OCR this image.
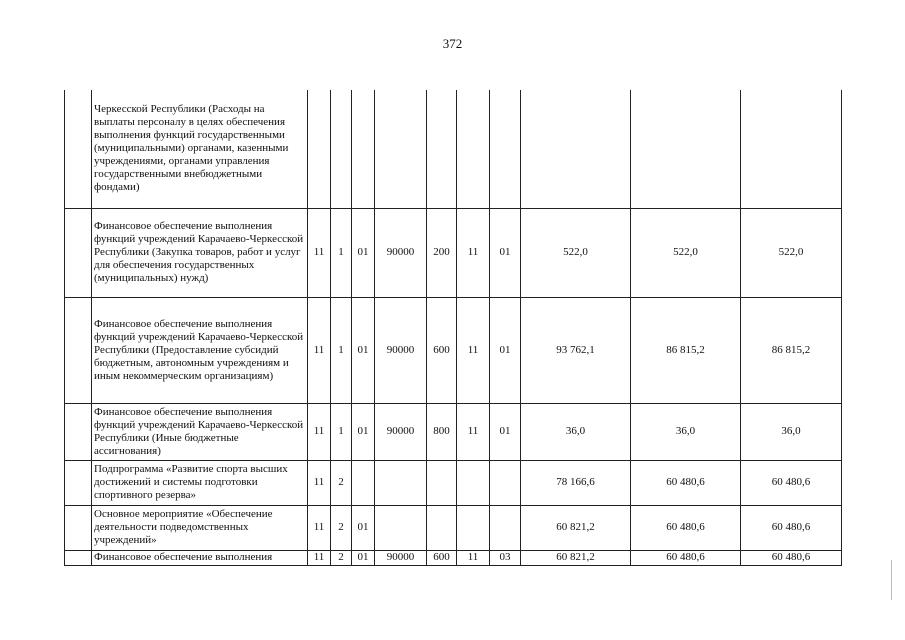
372
	Черкесской Республики (Расходы на выплаты персоналу в целях обеспечения выполнения функций государственными (муниципальными) органами, казенными учреждениями, органами управления государственными внебюджетными фондами)										
	Финансовое обеспечение выполнения функций учреждений Карачаево-Черкесской Республики (Закупка товаров, работ и услуг для обеспечения государственных (муниципальных) нужд)	11	1	01	90000	200	11	01	522,0	522,0	522,0
	Финансовое обеспечение выполнения функций учреждений Карачаево-Черкесской Республики (Предоставление субсидий бюджетным, автономным учреждениям и иным некоммерческим организациям)	11	1	01	90000	600	11	01	93 762,1	86 815,2	86 815,2
	Финансовое обеспечение выполнения функций учреждений Карачаево-Черкесской Республики (Иные бюджетные ассигнования)	11	1	01	90000	800	11	01	36,0	36,0	36,0
	Подпрограмма «Развитие спорта высших достижений и системы подготовки спортивного резерва»	11	2						78 166,6	60 480,6	60 480,6
	Основное мероприятие «Обеспечение деятельности подведомственных учреждений»	11	2	01					60 821,2	60 480,6	60 480,6
	Финансовое обеспечение выполнения	11	2	01	90000	600	11	03	60 821,2	60 480,6	60 480,6
